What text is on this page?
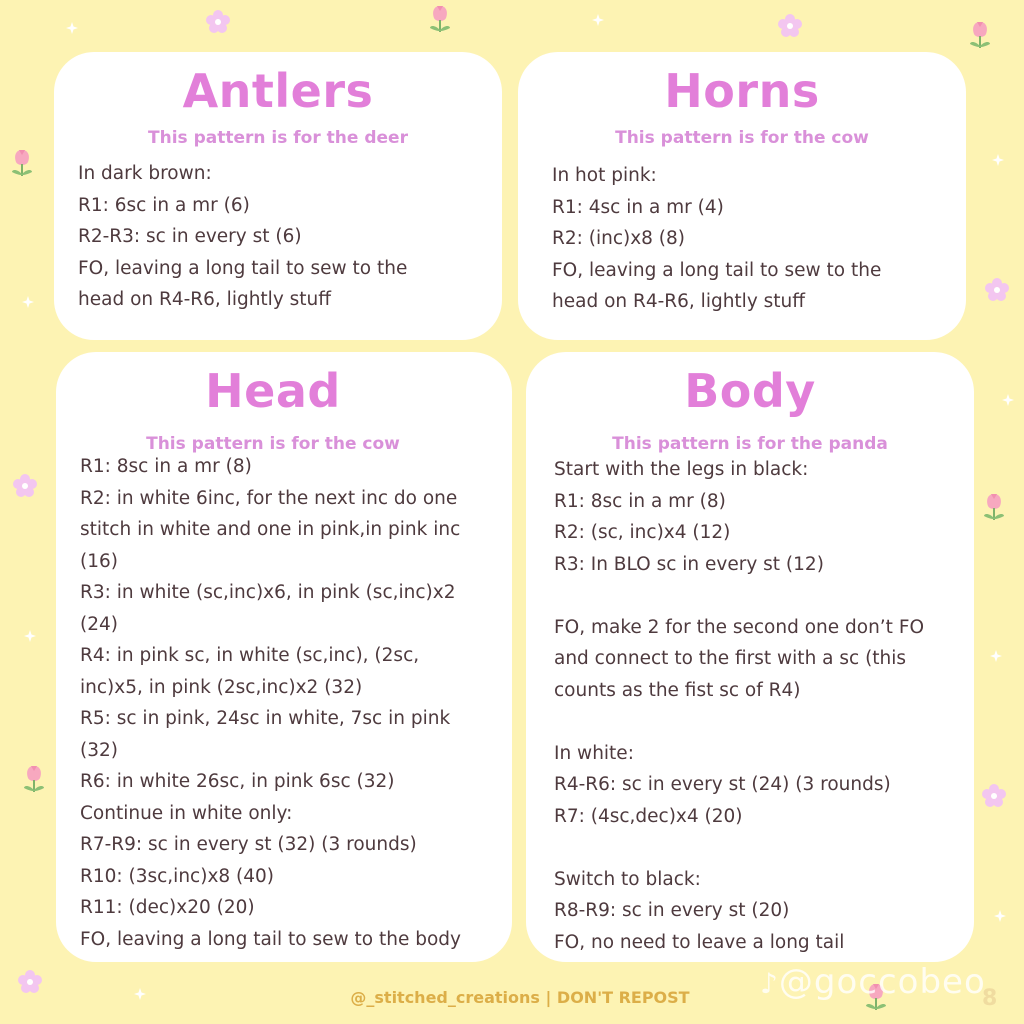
Antlers
This pattern is for the deer
In dark brown:
R1: 6sc in a mr (6)
R2-R3: sc in every st (6)
FO, leaving a long tail to sew to the
head on R4-R6, lightly stuff
Horns
This pattern is for the cow
In hot pink:
R1: 4sc in a mr (4)
R2: (inc)x8 (8)
FO, leaving a long tail to sew to the
head on R4-R6, lightly stuff
Head
This pattern is for the cow
R1: 8sc in a mr (8)
R2: in white 6inc, for the next inc do one
stitch in white and one in pink,in pink inc
(16)
R3: in white (sc,inc)x6, in pink (sc,inc)x2
(24)
R4: in pink sc, in white (sc,inc), (2sc,
inc)x5, in pink (2sc,inc)x2 (32)
R5: sc in pink, 24sc in white, 7sc in pink
(32)
R6: in white 26sc, in pink 6sc (32)
Continue in white only:
R7-R9: sc in every st (32) (3 rounds)
R10: (3sc,inc)x8 (40)
R11: (dec)x20 (20)
FO, leaving a long tail to sew to the body
Body
This pattern is for the panda
Start with the legs in black:
R1: 8sc in a mr (8)
R2: (sc, inc)x4 (12)
R3: In BLO sc in every st (12)
FO, make 2 for the second one don’t FO
and connect to the first with a sc (this
counts as the fist sc of R4)
In white:
R4-R6: sc in every st (24) (3 rounds)
R7: (4sc,dec)x4 (20)
Switch to black:
R8-R9: sc in every st (20)
FO, no need to leave a long tail
@_stitched_creations | DON'T REPOST	♪@goccobeo
8
